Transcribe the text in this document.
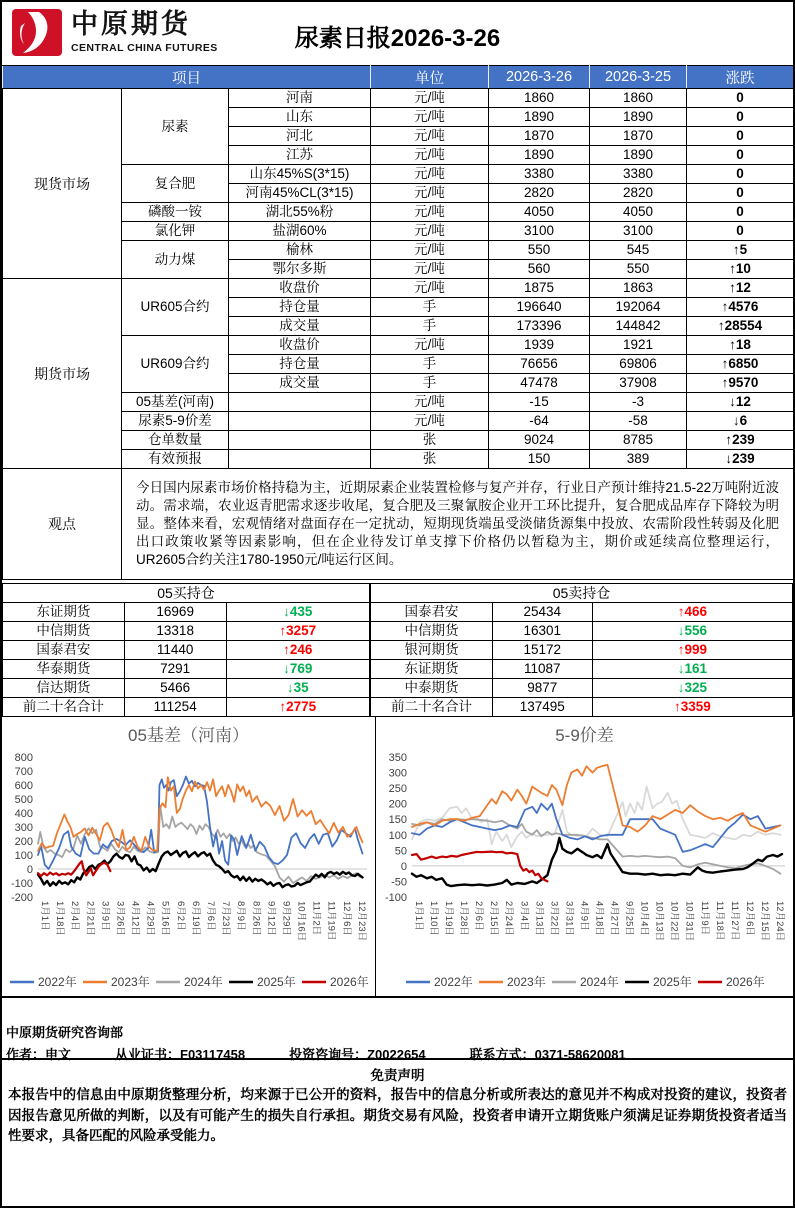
中原期货
CENTRAL CHINA FUTURES	尿素日报2026-3-26
项目			单位	2026-3-26	2026-3-25	涨跌
现货市场	尿素	河南	元/吨	1860	1860	0
		山东	元/吨	1890	1890	0
		河北	元/吨	1870	1870	0
		江苏	元/吨	1890	1890	0
	复合肥	山东45%S(3*15)	元/吨	3380	3380	0
		河南45%CL(3*15)	元/吨	2820	2820	0
	磷酸一铵	湖北55%粉	元/吨	4050	4050	0
	氯化钾	盐湖60%	元/吨	3100	3100	0
	动力煤	榆林	元/吨	550	545	↑5
		鄂尔多斯	元/吨	560	550	↑10
期货市场	UR605合约	收盘价	元/吨	1875	1863	↑12
		持仓量	手	196640	192064	↑4576
		成交量	手	173396	144842	↑28554
	UR609合约	收盘价	元/吨	1939	1921	↑18
		持仓量	手	76656	69806	↑6850
		成交量	手	47478	37908	↑9570
	05基差(河南)		元/吨	-15	-3	↓12
	尿素5-9价差		元/吨	-64	-58	↓6
	仓单数量		张	9024	8785	↑239
	有效预报		张	150	389	↓239
观点	今日国内尿素市场价格持稳为主，近期尿素企业装置检修与复产并存，行业日产预计维持21.5-22万吨附近波动。需求端，农业返青肥需求逐步收尾，复合肥及三聚氰胺企业开工环比提升，复合肥成品库存下降较为明显。整体来看，宏观情绪对盘面存在一定扰动，短期现货端虽受淡储货源集中投放、农需阶段性转弱及化肥出口政策收紧等因素影响，但在企业待发订单支撑下价格仍以暂稳为主，期价或延续高位整理运行，UR2605合约关注1780-1950元/吨运行区间。					
05买持仓		
东证期货	16969	↓435
中信期货	13318	↑3257
国泰君安	11440	↑246
华泰期货	7291	↓769
信达期货	5466	↓35
前二十名合计	111254	↑2775
05卖持仓		
国泰君安	25434	↑466
中信期货	16301	↓556
银河期货	15172	↑999
东证期货	11087	↓161
中泰期货	9877	↓325
前二十名合计	137495	↑3359
05基差（河南）
800
700
600
500
400
300
200
100
0
-100
-200
1月1日 1月18日 2月4日 2月21日 3月9日 3月26日 4月12日 4月29日 5月16日 6月2日 6月19日 7月6日 7月23日 8月9日 8月26日 9月12日 9月29日 10月16日 11月2日 11月19日 12月6日 12月23日
2022年	2023年	2024年	2025年	2026年
5-9价差
350
300
250
200
150
100
50
0
-50
-100
1月1日 1月10日 1月19日 1月28日 2月6日 2月15日 2月24日 3月4日 3月13日 3月22日 3月31日 4月9日 4月18日 4月27日 9月25日 10月4日 10月13日 10月22日 10月31日 11月9日 11月18日 11月27日 12月6日 12月15日 12月24日
2022年	2023年	2024年	2025年	2026年
中原期货研究咨询部
作者：申文	从业证书：F03117458	投资咨询号：Z0022654	联系方式：0371-58620081
免责声明
本报告中的信息由中原期货整理分析，均来源于已公开的资料，报告中的信息分析或所表达的意见并不构成对投资的建议，投资者因报告意见所做的判断，以及有可能产生的损失自行承担。期货交易有风险，投资者申请开立期货账户须满足证券期货投资者适当性要求，具备匹配的风险承受能力。
